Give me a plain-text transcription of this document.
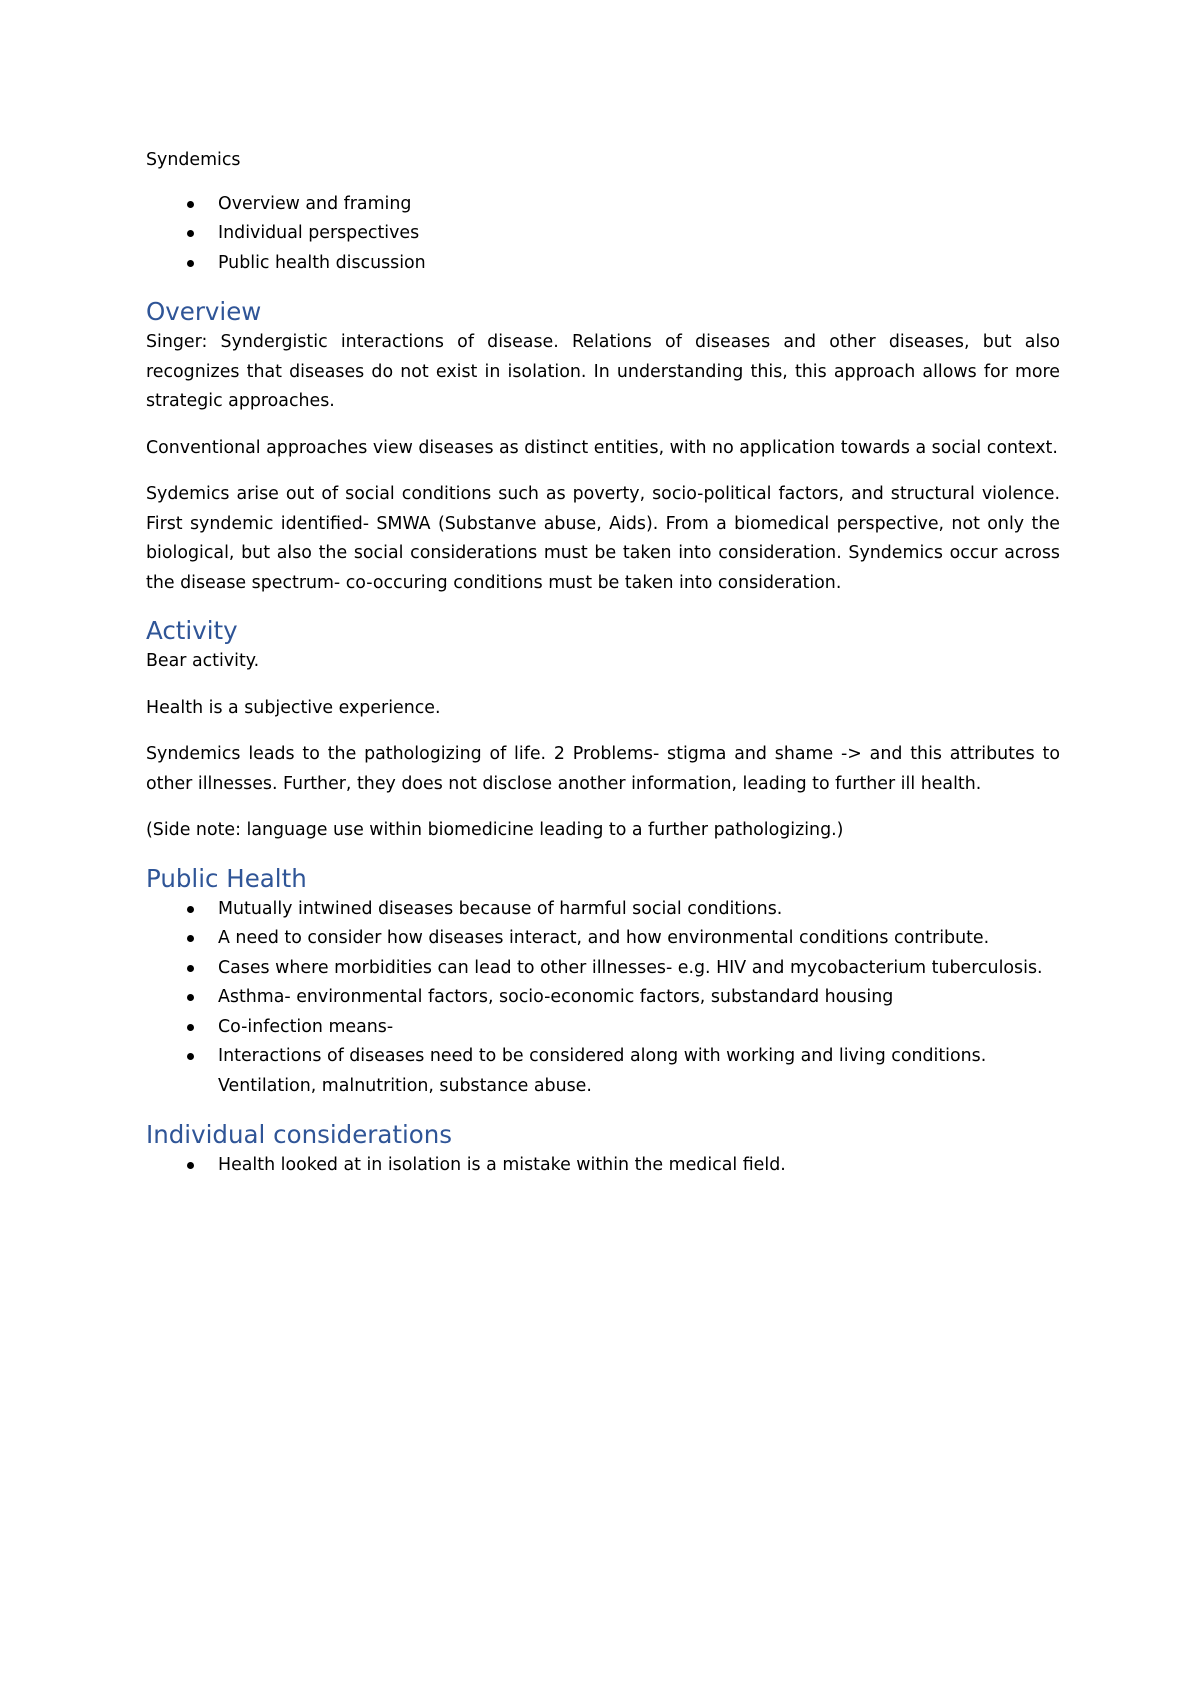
Syndemics

Overview and framing
Individual perspectives
Public health discussion
Overview

Singer: Syndergistic interactions of disease. Relations of diseases and other diseases, but also recognizes that diseases do not exist in isolation. In understanding this, this approach allows for more strategic approaches.

Conventional approaches view diseases as distinct entities, with no application towards a social context.

Sydemics arise out of social conditions such as poverty, socio-political factors, and structural violence. First syndemic identified- SMWA (Substanve abuse, Aids). From a biomedical perspective, not only the biological, but also the social considerations must be taken into consideration. Syndemics occur across the disease spectrum- co-occuring conditions must be taken into consideration.

Activity

Bear activity.

Health is a subjective experience.

Syndemics leads to the pathologizing of life. 2 Problems- stigma and shame -> and this attributes to other illnesses. Further, they does not disclose another information, leading to further ill health.

(Side note: language use within biomedicine leading to a further pathologizing.)

Public Health
Mutually intwined diseases because of harmful social conditions.
A need to consider how diseases interact, and how environmental conditions contribute.
Cases where morbidities can lead to other illnesses- e.g. HIV and mycobacterium tuberculosis.
Asthma- environmental factors, socio-economic factors, substandard housing
Co-infection means-
Interactions of diseases need to be considered along with working and living conditions. Ventilation, malnutrition, substance abuse.
Individual considerations
Health looked at in isolation is a mistake within the medical field.
